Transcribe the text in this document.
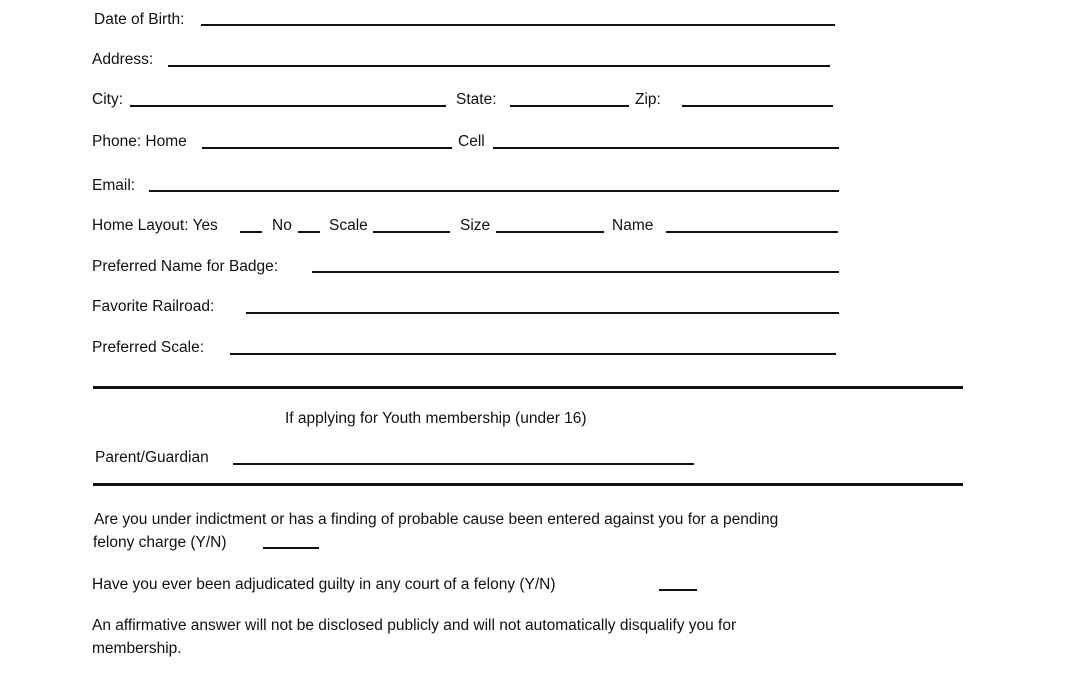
Date of Birth:
Address:
City:	State:	Zip:
Phone: Home	Cell
Email:
Home Layout: Yes	No Scale	Size	Name
Preferred Name for Badge:
Favorite Railroad:
Preferred Scale:
If applying for Youth membership (under 16)
Parent/Guardian
Are you under indictment or has a finding of probable cause been entered against you for a pending
felony charge (Y/N)
Have you ever been adjudicated guilty in any court of a felony (Y/N)
An affirmative answer will not be disclosed publicly and will not automatically disqualify you for
membership.
